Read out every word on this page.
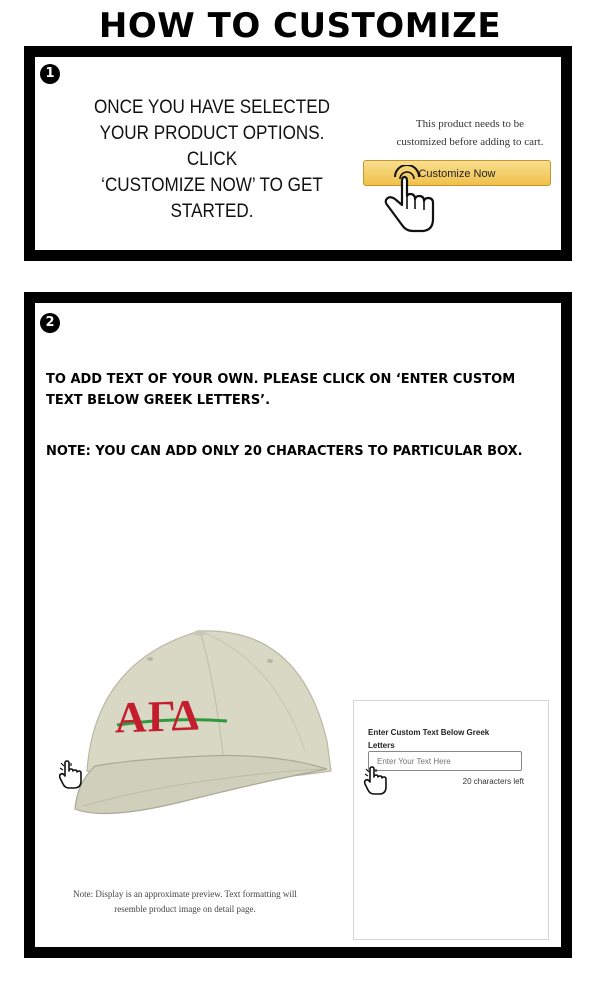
HOW TO CUSTOMIZE
1
ONCE YOU HAVE SELECTED
YOUR PRODUCT OPTIONS. CLICK
‘CUSTOMIZE NOW’ TO GET
STARTED.
This product needs to be
customized before adding to cart.
Customize Now
2

TO ADD TEXT OF YOUR OWN. PLEASE CLICK ON ‘ENTER CUSTOM
TEXT BELOW GREEK LETTERS’.

NOTE: YOU CAN ADD ONLY 20 CHARACTERS TO PARTICULAR BOX.

ΑΓΔ
Note: Display is an approximate preview. Text formatting will
resemble product image on detail page.
Enter Custom Text Below Greek
Letters
Enter Your Text Here
20 characters left
